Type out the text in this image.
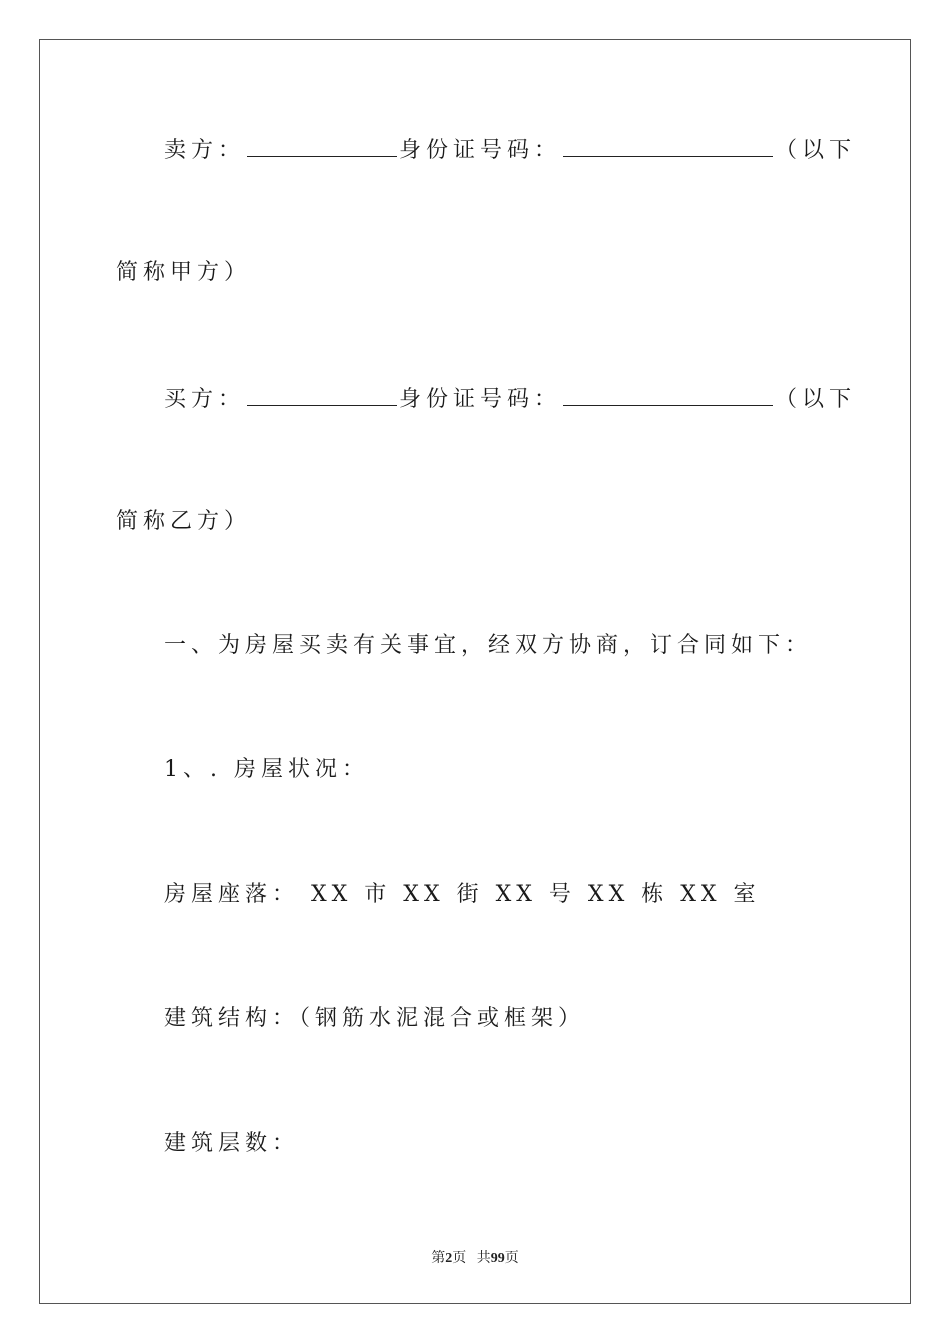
卖方：	身份证号码：	（以下
简称甲方）
买方：	身份证号码：	（以下
简称乙方）
一、为房屋买卖有关事宜，经双方协商，订合同如下：
1、. 房屋状况：
房屋座落： XX 市 XX 街 XX 号 XX 栋 XX 室
建筑结构：（钢筋水泥混合或框架）
建筑层数：
第2页 共99页
